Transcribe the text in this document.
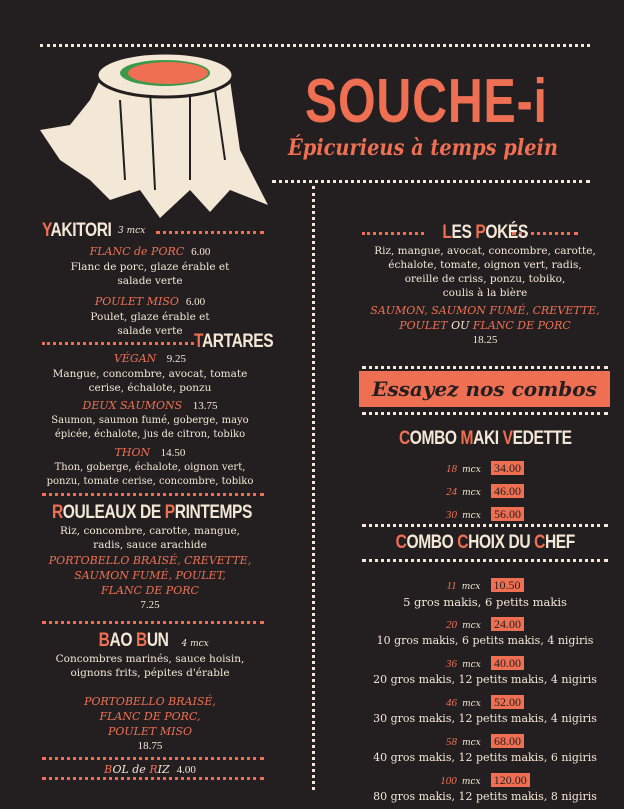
SOUCHE-i
Épicurieus à temps plein
YAKITORI 3 mcx
FLANC de PORC 6.00
Flanc de porc, glaze érable et
salade verte
POULET MISO 6.00
Poulet, glaze érable et
salade verte TARTARES
VÉGAN 9.25
Mangue, concombre, avocat, tomate
cerise, échalote, ponzu
DEUX SAUMONS 13.75
Saumon, saumon fumé, goberge, mayo
épicée, échalote, jus de citron, tobiko
THON 14.50
Thon, goberge, échalote, oignon vert,
ponzu, tomate cerise, concombre, tobiko
ROULEAUX DE PRINTEMPS
Riz, concombre, carotte, mangue,
radis, sauce arachide
PORTOBELLO BRAISÉ, CREVETTE,
SAUMON FUMÉ, POULET,
FLANC DE PORC
7.25
BAO BUN 4 mcx
Concombres marinés, sauce hoisin,
oignons frits, pépites d'érable
PORTOBELLO BRAISÉ,
FLANC DE PORC,
POULET MISO
18.75
BOL de RIZ 4.00
LES POKÉS
Riz, mangue, avocat, concombre, carotte,
échalote, tomate, oignon vert, radis,
oreille de criss, ponzu, tobiko,
coulis à la bière
SAUMON, SAUMON FUMÉ, CREVETTE,
POULET OU FLANC DE PORC
18.25
Essayez nos combos
COMBO MAKI VEDETTE
18 mcx 34.00
24 mcx 46.00
30 mcx 56.00
COMBO CHOIX DU CHEF
11 mcx 10.50
5 gros makis, 6 petits makis
20 mcx 24.00
10 gros makis, 6 petits makis, 4 nigiris
36 mcx 40.00
20 gros makis, 12 petits makis, 4 nigiris
46 mcx 52.00
30 gros makis, 12 petits makis, 4 nigiris
58 mcx 68.00
40 gros makis, 12 petits makis, 6 nigiris
100 mcx 120.00
80 gros makis, 12 petits makis, 8 nigiris
